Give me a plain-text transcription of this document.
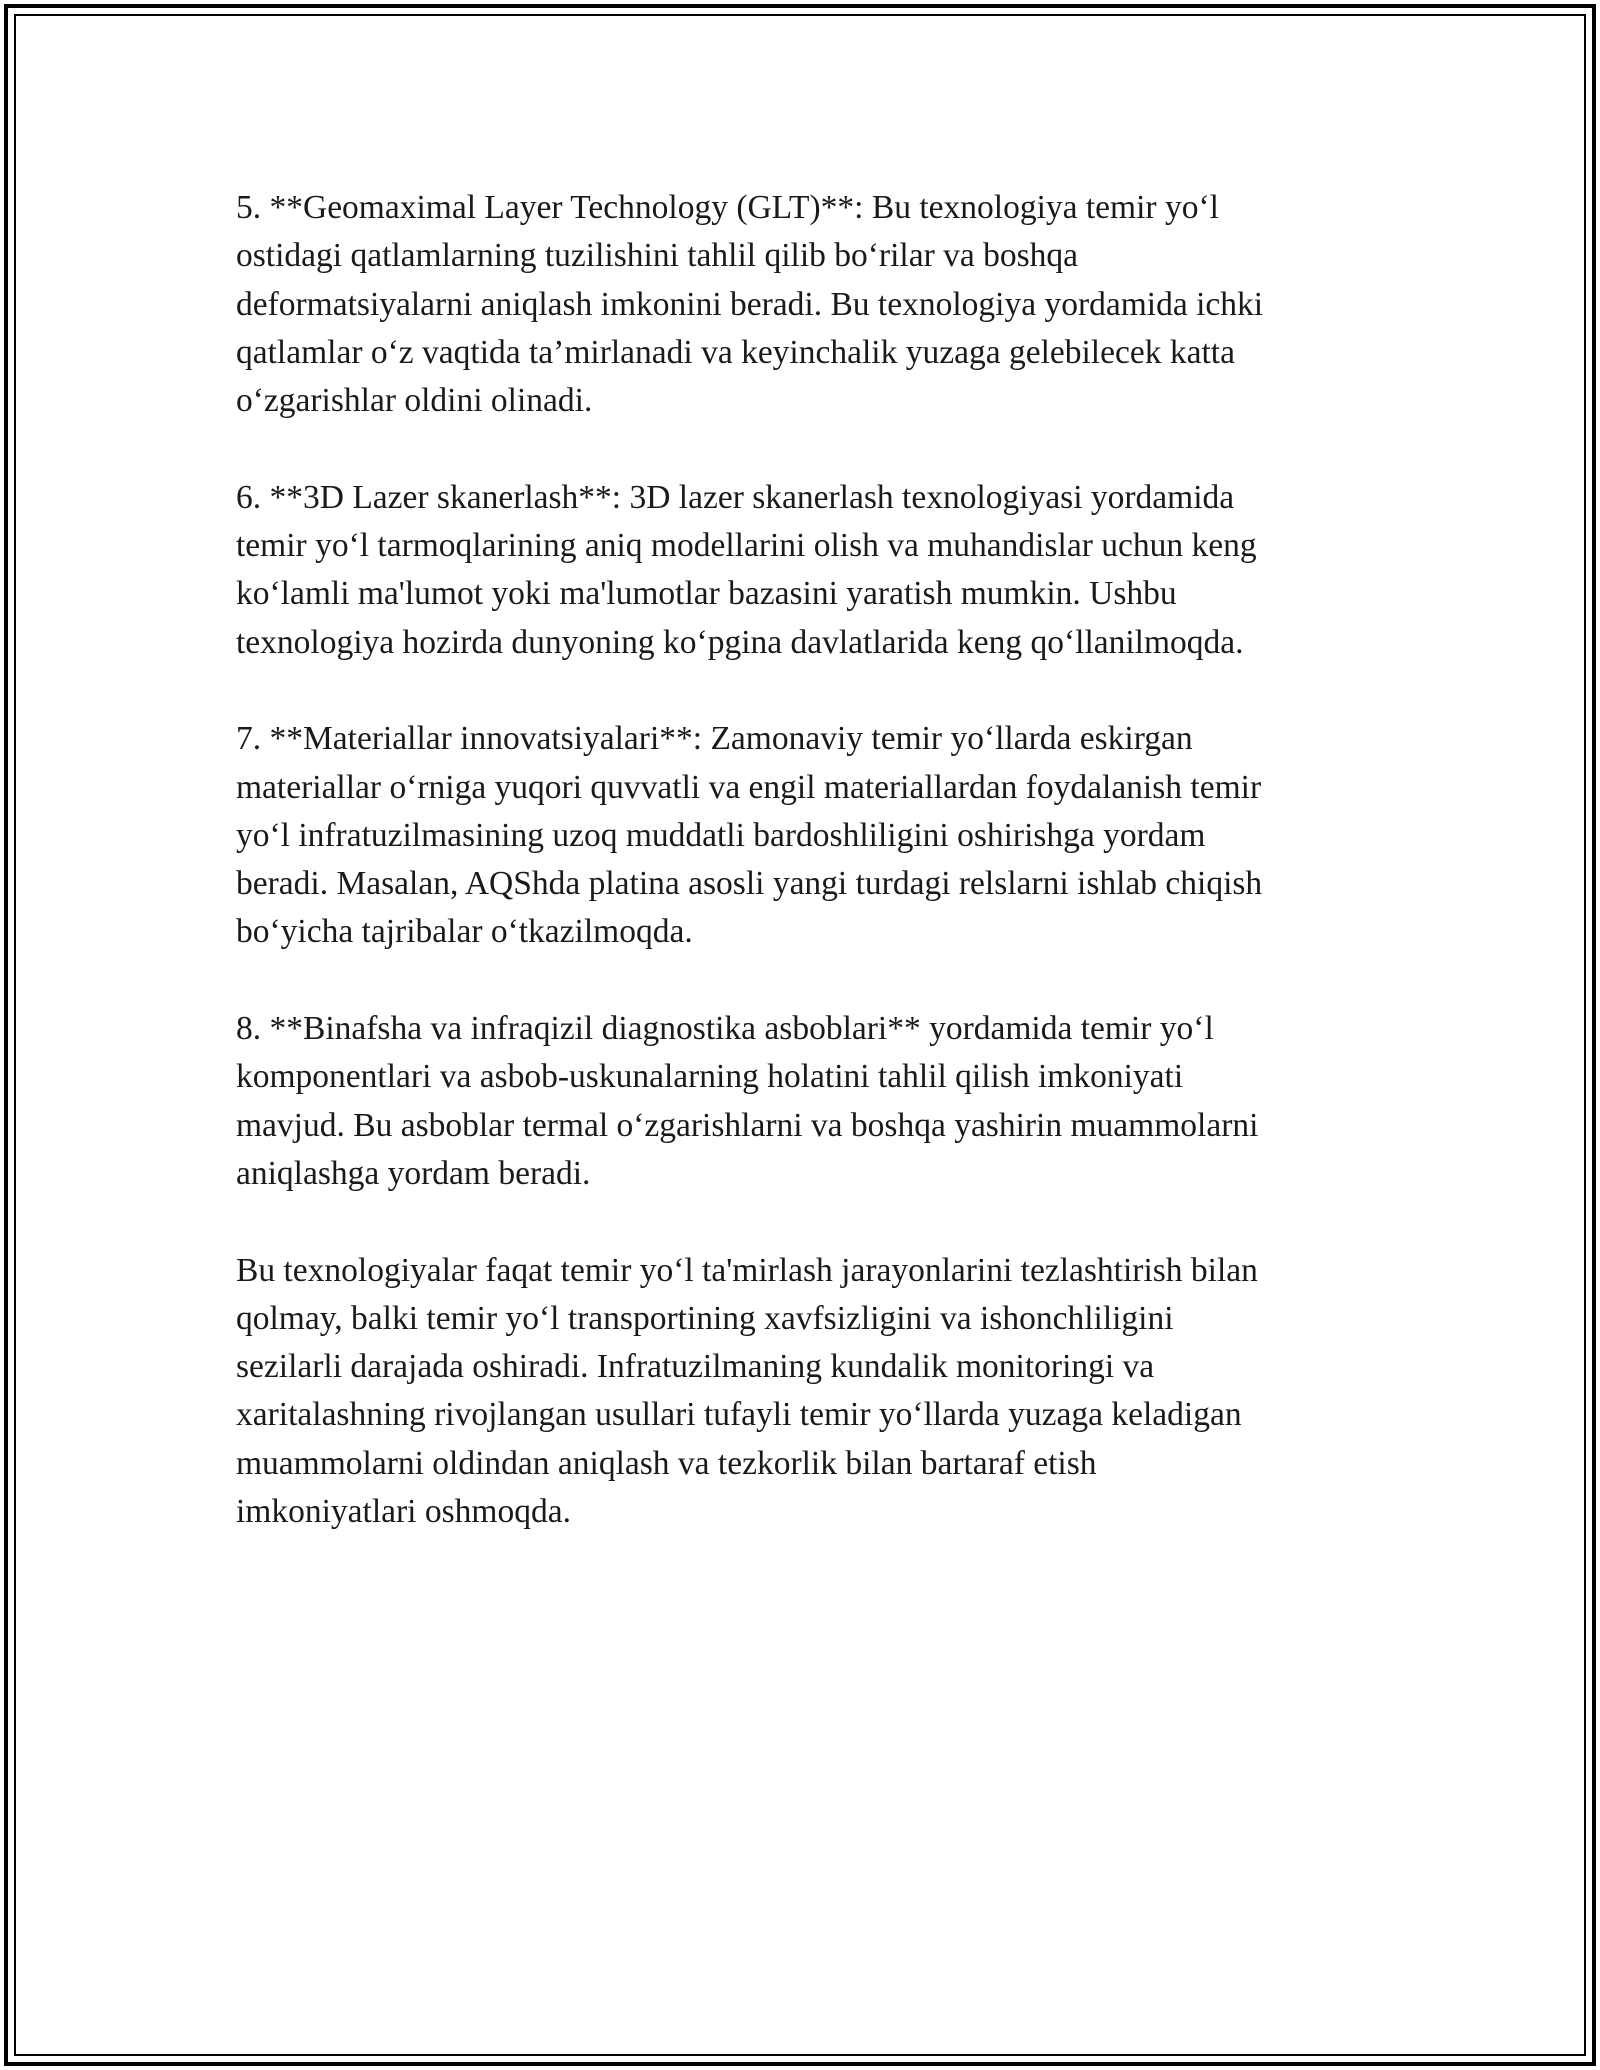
5. **Geomaximal Layer Technology (GLT)**: Bu texnologiya temir yo‘l
ostidagi qatlamlarning tuzilishini tahlil qilib bo‘rilar va boshqa
deformatsiyalarni aniqlash imkonini beradi. Bu texnologiya yordamida ichki
qatlamlar o‘z vaqtida ta’mirlanadi va keyinchalik yuzaga gelebilecek katta
o‘zgarishlar oldini olinadi.

6. **3D Lazer skanerlash**: 3D lazer skanerlash texnologiyasi yordamida
temir yo‘l tarmoqlarining aniq modellarini olish va muhandislar uchun keng
ko‘lamli ma'lumot yoki ma'lumotlar bazasini yaratish mumkin. Ushbu
texnologiya hozirda dunyoning ko‘pgina davlatlarida keng qo‘llanilmoqda.

7. **Materiallar innovatsiyalari**: Zamonaviy temir yo‘llarda eskirgan
materiallar o‘rniga yuqori quvvatli va engil materiallardan foydalanish temir
yo‘l infratuzilmasining uzoq muddatli bardoshliligini oshirishga yordam
beradi. Masalan, AQShda platina asosli yangi turdagi relslarni ishlab chiqish
bo‘yicha tajribalar o‘tkazilmoqda.

8. **Binafsha va infraqizil diagnostika asboblari** yordamida temir yo‘l
komponentlari va asbob-uskunalarning holatini tahlil qilish imkoniyati
mavjud. Bu asboblar termal o‘zgarishlarni va boshqa yashirin muammolarni
aniqlashga yordam beradi.

Bu texnologiyalar faqat temir yo‘l ta'mirlash jarayonlarini tezlashtirish bilan
qolmay, balki temir yo‘l transportining xavfsizligini va ishonchliligini
sezilarli darajada oshiradi. Infratuzilmaning kundalik monitoringi va
xaritalashning rivojlangan usullari tufayli temir yo‘llarda yuzaga keladigan
muammolarni oldindan aniqlash va tezkorlik bilan bartaraf etish
imkoniyatlari oshmoqda.
